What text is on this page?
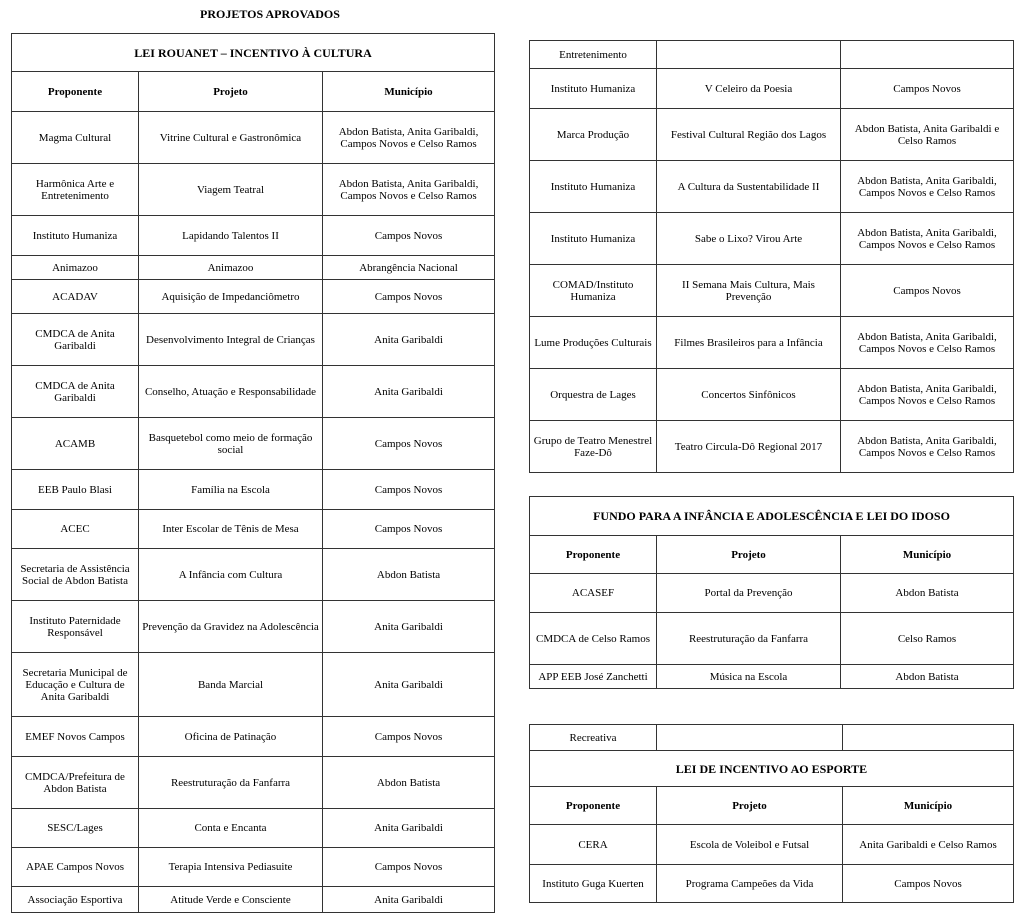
PROJETOS APROVADOS
LEI ROUANET – INCENTIVO À CULTURA		
Proponente	Projeto	Município
Magma Cultural	Vitrine Cultural e Gastronômica	Abdon Batista, Anita Garibaldi, Campos Novos e Celso Ramos
Harmônica Arte e Entretenimento	Viagem Teatral	Abdon Batista, Anita Garibaldi, Campos Novos e Celso Ramos
Instituto Humaniza	Lapidando Talentos II	Campos Novos
Animazoo	Animazoo	Abrangência Nacional
ACADAV	Aquisição de Impedanciômetro	Campos Novos
CMDCA de Anita Garibaldi	Desenvolvimento Integral de Crianças	Anita Garibaldi
CMDCA de Anita Garibaldi	Conselho, Atuação e Responsabilidade	Anita Garibaldi
ACAMB	Basquetebol como meio de formação social	Campos Novos
EEB Paulo Blasi	Família na Escola	Campos Novos
ACEC	Inter Escolar de Tênis de Mesa	Campos Novos
Secretaria de Assistência Social de Abdon Batista	A Infância com Cultura	Abdon Batista
Instituto Paternidade Responsável	Prevenção da Gravidez na Adolescência	Anita Garibaldi
Secretaria Municipal de Educação e Cultura de Anita Garibaldi	Banda Marcial	Anita Garibaldi
EMEF Novos Campos	Oficina de Patinação	Campos Novos
CMDCA/Prefeitura de Abdon Batista	Reestruturação da Fanfarra	Abdon Batista
SESC/Lages	Conta e Encanta	Anita Garibaldi
APAE Campos Novos	Terapia Intensiva Pediasuite	Campos Novos
Associação Esportiva	Atitude Verde e Consciente	Anita Garibaldi
Entretenimento		
Instituto Humaniza	V Celeiro da Poesia	Campos Novos
Marca Produção	Festival Cultural Região dos Lagos	Abdon Batista, Anita Garibaldi e Celso Ramos
Instituto Humaniza	A Cultura da Sustentabilidade II	Abdon Batista, Anita Garibaldi, Campos Novos e Celso Ramos
Instituto Humaniza	Sabe o Lixo? Virou Arte	Abdon Batista, Anita Garibaldi, Campos Novos e Celso Ramos
COMAD/Instituto Humaniza	II Semana Mais Cultura, Mais Prevenção	Campos Novos
Lume Produções Culturais	Filmes Brasileiros para a Infância	Abdon Batista, Anita Garibaldi, Campos Novos e Celso Ramos
Orquestra de Lages	Concertos Sinfônicos	Abdon Batista, Anita Garibaldi, Campos Novos e Celso Ramos
Grupo de Teatro Menestrel Faze-Dô	Teatro Circula-Dô Regional 2017	Abdon Batista, Anita Garibaldi, Campos Novos e Celso Ramos
FUNDO PARA A INFÂNCIA E ADOLESCÊNCIA E LEI DO IDOSO		
Proponente	Projeto	Município
ACASEF	Portal da Prevenção	Abdon Batista
CMDCA de Celso Ramos	Reestruturação da Fanfarra	Celso Ramos
APP EEB José Zanchetti	Música na Escola	Abdon Batista
Recreativa		
LEI DE INCENTIVO AO ESPORTE		
Proponente	Projeto	Município
CERA	Escola de Voleibol e Futsal	Anita Garibaldi e Celso Ramos
Instituto Guga Kuerten	Programa Campeões da Vida	Campos Novos
